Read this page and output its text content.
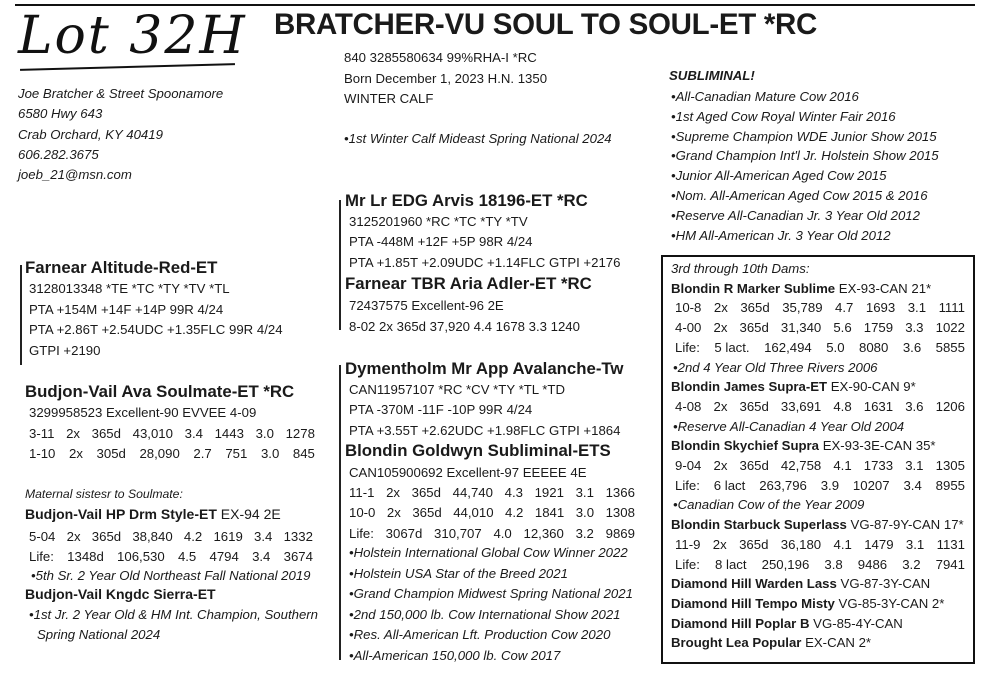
Lot 32H BRATCHER-VU SOUL TO SOUL-ET *RC
Joe Bratcher & Street Spoonamore
6580 Hwy 643
Crab Orchard, KY 40419
606.282.3675
joeb_21@msn.com
840 3285580634 99%RHA-I *RC
Born December 1, 2023 H.N. 1350
WINTER CALF
•1st Winter Calf Mideast Spring National 2024
Mr Lr EDG Arvis 18196-ET *RC
3125201960 *RC *TC *TY *TV
PTA -448M +12F +5P 98R 4/24
PTA +1.85T +2.09UDC +1.14FLC GTPI +2176
Farnear TBR Aria Adler-ET *RC
72437575 Excellent-96 2E
8-02 2x 365d 37,920 4.4 1678 3.3 1240
Farnear Altitude-Red-ET
3128013348 *TE *TC *TY *TV *TL
PTA +154M +14F +14P 99R 4/24
PTA +2.86T +2.54UDC +1.35FLC 99R 4/24
GTPI +2190
Budjon-Vail Ava Soulmate-ET *RC
3299958523 Excellent-90 EVVEE 4-09
3-11 2x 365d 43,010 3.4 1443 3.0 1278
1-10 2x 305d 28,090 2.7 751 3.0 845
Maternal sistesr to Soulmate:
Budjon-Vail HP Drm Style-ET EX-94 2E
5-04 2x 365d 38,840 4.2 1619 3.4 1332
Life: 1348d 106,530 4.5 4794 3.4 3674
•5th Sr. 2 Year Old Northeast Fall National 2019
Budjon-Vail Kngdc Sierra-ET
•1st Jr. 2 Year Old & HM Int. Champion, Southern
Spring National 2024
Dymentholm Mr App Avalanche-Tw
CAN11957107 *RC *CV *TY *TL *TD
PTA -370M -11F -10P 99R 4/24
PTA +3.55T +2.62UDC +1.98FLC GTPI +1864
Blondin Goldwyn Subliminal-ETS
CAN105900692 Excellent-97 EEEEE 4E
11-1 2x 365d 44,740 4.3 1921 3.1 1366
10-0 2x 365d 44,010 4.2 1841 3.0 1308
Life: 3067d 310,707 4.0 12,360 3.2 9869
•Holstein International Global Cow Winner 2022
•Holstein USA Star of the Breed 2021
•Grand Champion Midwest Spring National 2021
•2nd 150,000 lb. Cow International Show 2021
•Res. All-American Lft. Production Cow 2020
•All-American 150,000 lb. Cow 2017
SUBLIMINAL!
•All-Canadian Mature Cow 2016
•1st Aged Cow Royal Winter Fair 2016
•Supreme Champion WDE Junior Show 2015
•Grand Champion Int'l Jr. Holstein Show 2015
•Junior All-American Aged Cow 2015
•Nom. All-American Aged Cow 2015 & 2016
•Reserve All-Canadian Jr. 3 Year Old 2012
•HM All-American Jr. 3 Year Old 2012
3rd through 10th Dams:
Blondin R Marker Sublime EX-93-CAN 21*
10-8 2x 365d 35,789 4.7 1693 3.1 1111
4-00 2x 365d 31,340 5.6 1759 3.3 1022
Life: 5 lact. 162,494 5.0 8080 3.6 5855
•2nd 4 Year Old Three Rivers 2006
Blondin James Supra-ET EX-90-CAN 9*
4-08 2x 365d 33,691 4.8 1631 3.6 1206
•Reserve All-Canadian 4 Year Old 2004
Blondin Skychief Supra EX-93-3E-CAN 35*
9-04 2x 365d 42,758 4.1 1733 3.1 1305
Life: 6 lact 263,796 3.9 10207 3.4 8955
•Canadian Cow of the Year 2009
Blondin Starbuck Superlass VG-87-9Y-CAN 17*
11-9 2x 365d 36,180 4.1 1479 3.1 1131
Life: 8 lact 250,196 3.8 9486 3.2 7941
Diamond Hill Warden Lass VG-87-3Y-CAN
Diamond Hill Tempo Misty VG-85-3Y-CAN 2*
Diamond Hill Poplar B VG-85-4Y-CAN
Brought Lea Popular EX-CAN 2*
